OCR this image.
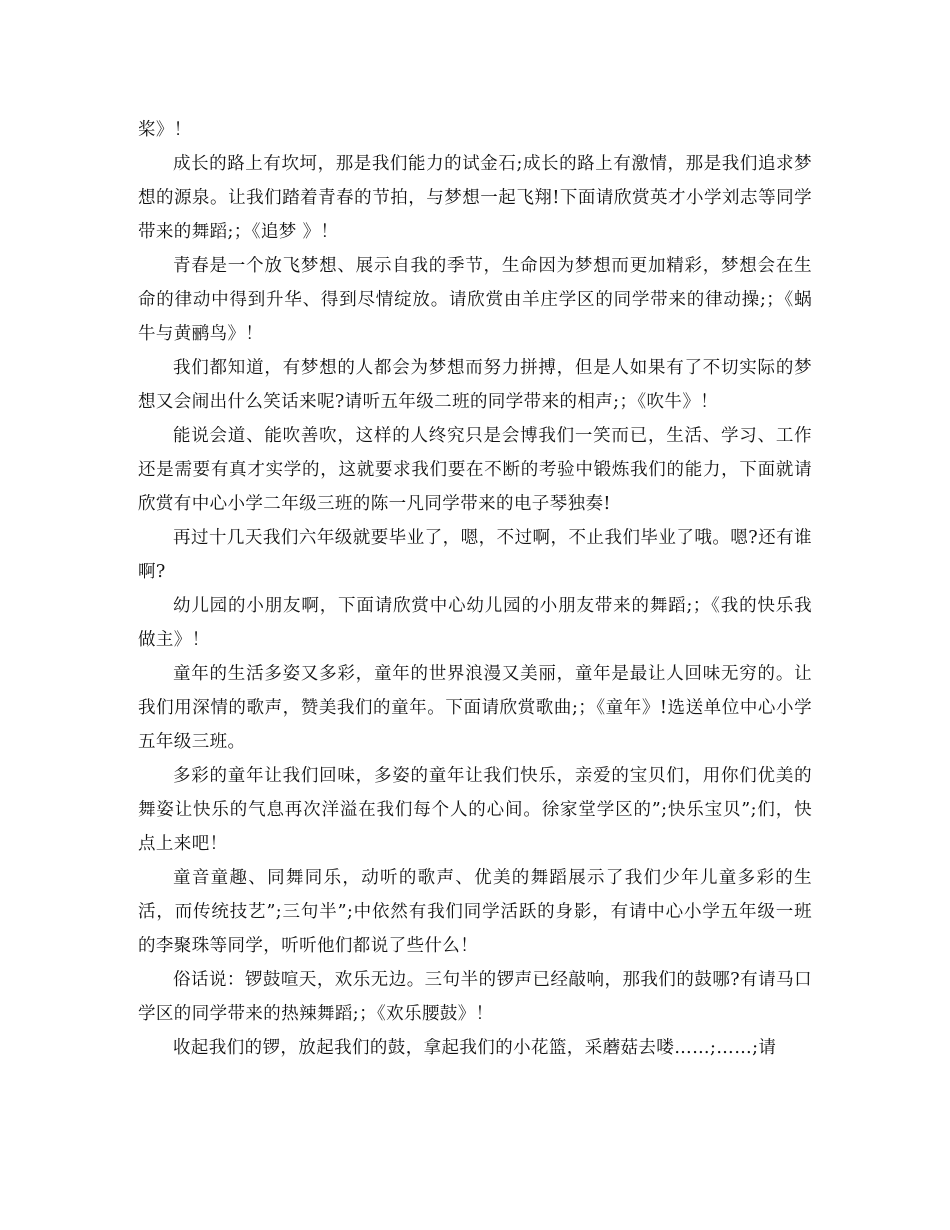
桨》！

成长的路上有坎坷，那是我们能力的试金石;成长的路上有激情，那是我们追求梦想的源泉。让我们踏着青春的节拍，与梦想一起飞翔!下面请欣赏英才小学刘志等同学带来的舞蹈;；《追梦 》！

青春是一个放飞梦想、展示自我的季节，生命因为梦想而更加精彩，梦想会在生命的律动中得到升华、得到尽情绽放。请欣赏由羊庄学区的同学带来的律动操;；《蜗牛与黄鹂鸟》！

我们都知道，有梦想的人都会为梦想而努力拼搏，但是人如果有了不切实际的梦想又会闹出什么笑话来呢?请听五年级二班的同学带来的相声;；《吹牛》！

能说会道、能吹善吹，这样的人终究只是会博我们一笑而已，生活、学习、工作还是需要有真才实学的，这就要求我们要在不断的考验中锻炼我们的能力，下面就请欣赏有中心小学二年级三班的陈一凡同学带来的电子琴独奏!

再过十几天我们六年级就要毕业了，嗯，不过啊，不止我们毕业了哦。嗯?还有谁啊?

幼儿园的小朋友啊，下面请欣赏中心幼儿园的小朋友带来的舞蹈;；《我的快乐我做主》！

童年的生活多姿又多彩，童年的世界浪漫又美丽，童年是最让人回味无穷的。让我们用深情的歌声，赞美我们的童年。下面请欣赏歌曲;；《童年》!选送单位中心小学五年级三班。

多彩的童年让我们回味，多姿的童年让我们快乐，亲爱的宝贝们，用你们优美的舞姿让快乐的气息再次洋溢在我们每个人的心间。徐家堂学区的”;快乐宝贝”;们，快点上来吧！

童音童趣、同舞同乐，动听的歌声、优美的舞蹈展示了我们少年儿童多彩的生活，而传统技艺”;三句半”;中依然有我们同学活跃的身影，有请中心小学五年级一班的李聚珠等同学，听听他们都说了些什么！

俗话说：锣鼓喧天，欢乐无边。三句半的锣声已经敲响，那我们的鼓哪?有请马口学区的同学带来的热辣舞蹈;；《欢乐腰鼓》！

收起我们的锣，放起我们的鼓，拿起我们的小花篮，采蘑菇去喽……;……;请
